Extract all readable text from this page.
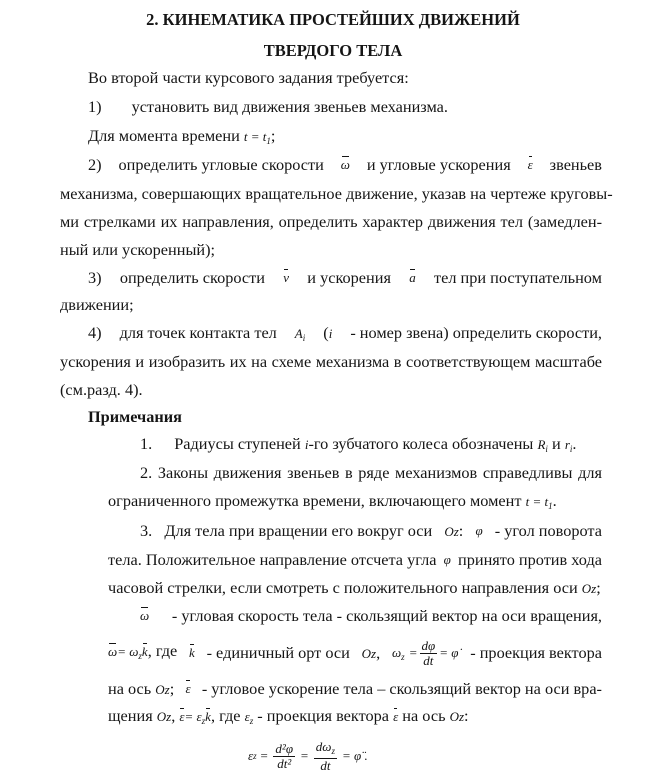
2. КИНЕМАТИКА ПРОСТЕЙШИХ ДВИЖЕНИЙ
ТВЕРДОГО ТЕЛА
Во второй части курсового задания требуется:
1) установить вид движения звеньев механизма.
Для момента времени $t = t_1$;
2) определить угловые скорости ω и угловые ускорения ε звеньев
механизма, совершающих вращательное движение, указав на чертеже круговы-
ми стрелками их направления, определить характер движения тел (замедлен-
ный или ускоренный);
3) определить скорости v и ускорения a тел при поступательном
движении;
4) для точек контакта тел $A_i$ (i - номер звена) определить скорости,
ускорения и изобразить их на схеме механизма в соответствующем масштабе
(см.разд. 4).
Примечания
1. Радиусы ступеней i-го зубчатого колеса обозначены $R_i$ и $r_i$.
2. Законы движения звеньев в ряде механизмов справедливы для
ограниченного промежутка времени, включающего момент $t = t_1$.
3. Для тела при вращении его вокруг оси Oz: φ - угол поворота
тела. Положительное направление отсчета угла φ принято против хода
часовой стрелки, если смотреть с положительного направления оси Oz;
ω - угловая скорость тела - скользящий вектор на оси вращения,
$\omega= \omega_zk$, где k - единичный орт оси Oz, $\omega_z = \frac{d\varphi}{dt}$ = φ̇ - проекция вектора
на ось Oz; ε - угловое ускорение тела – скользящий вектор на оси вра-
щения Oz, $\varepsilon= \varepsilon_zk$, где $\varepsilon_z$ - проекция вектора ε на ось Oz:
ε $z = \frac{\text{d²φ}}{\text{dt²}} = \frac{d\omega_z}{dt}$ = φ̈ .
